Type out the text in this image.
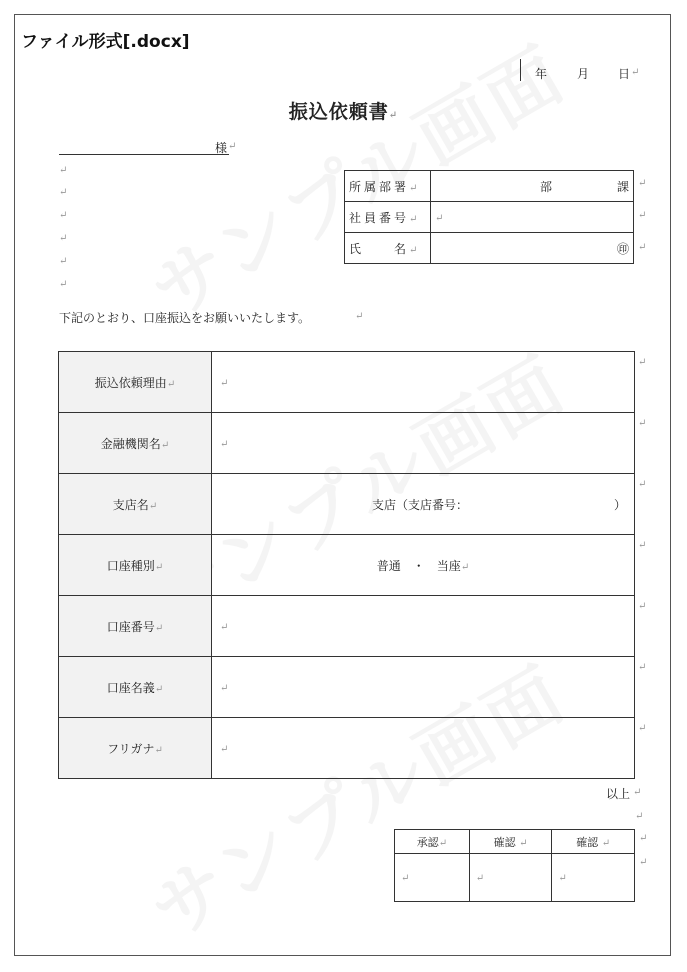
ファイル形式[.docx]
年 月 日 ↵
振込依頼書↵
様 ↵
↵
↵
↵
↵
↵
↵
所属部署↵	部 課

社員番号↵	↵
氏　　名↵	㊞
↵
↵
↵
下記のとおり、口座振込をお願いいたします。	↵
振込依頼理由↵	↵
金融機関名↵	↵
支店名↵	支店（支店番号： ）

口座種別↵	普通　・　当座↵
口座番号↵	↵
口座名義↵	↵
フリガナ↵	↵
↵
↵
↵
↵
↵
↵
↵
以上 ↵
↵
承認↵	確認 ↵	確認 ↵
↵	↵	↵
↵
↵
